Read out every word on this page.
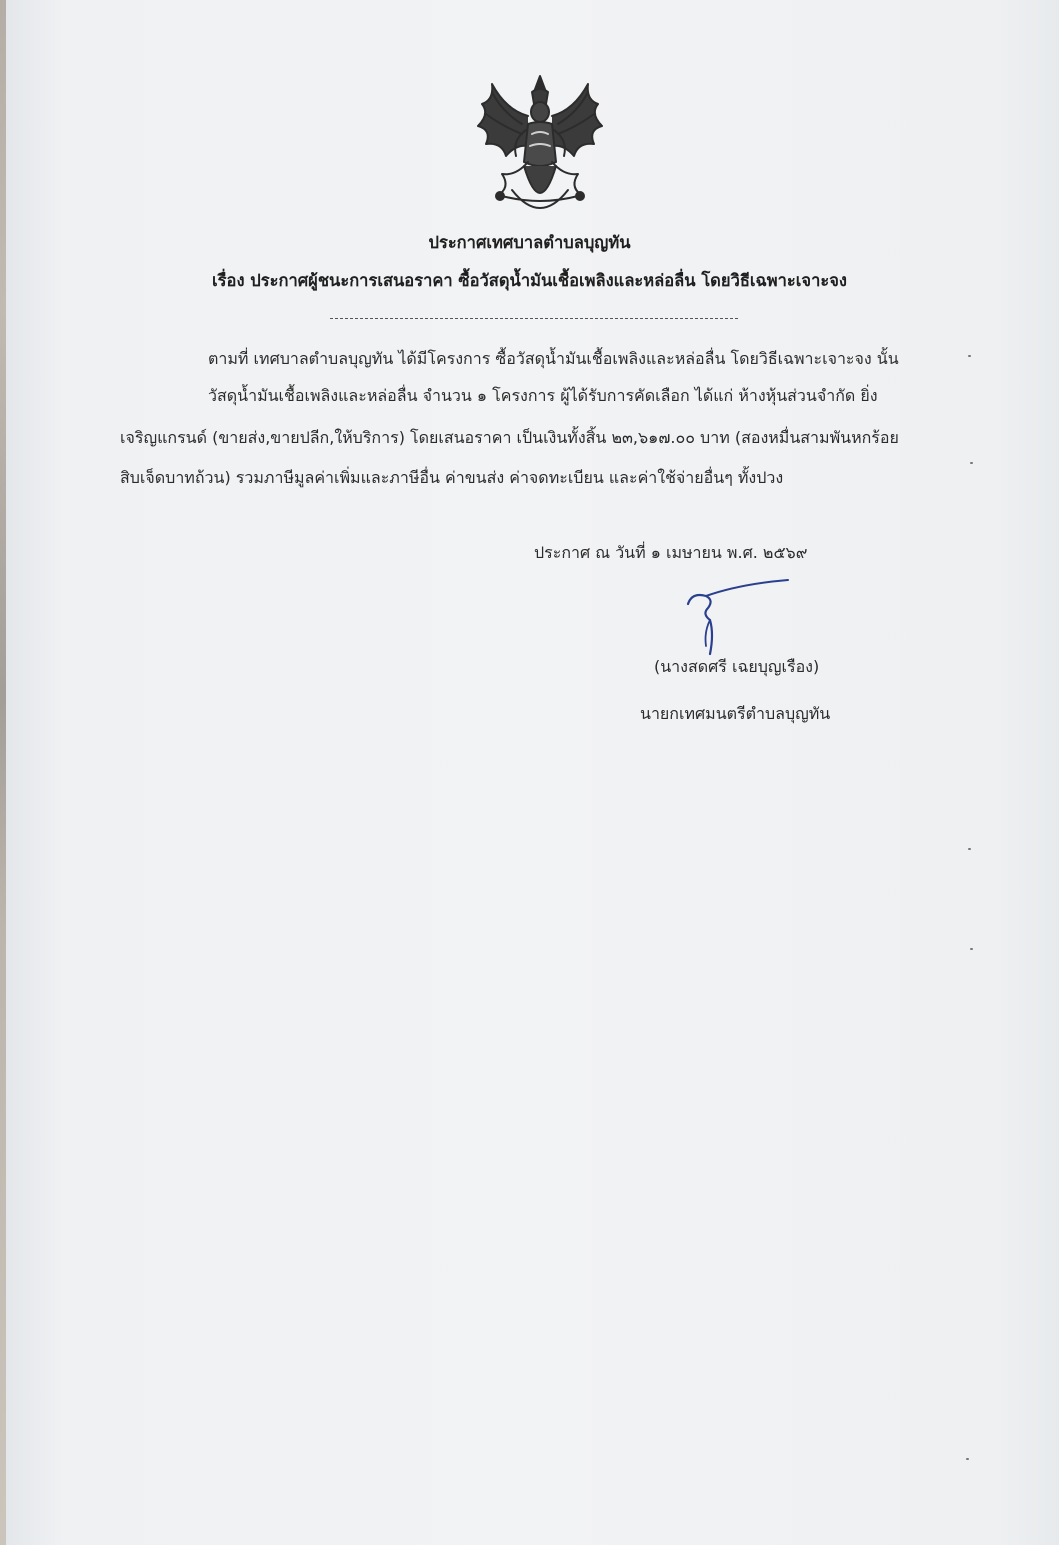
ประกาศเทศบาลตำบลบุญทัน
เรื่อง ประกาศผู้ชนะการเสนอราคา ซื้อวัสดุน้ำมันเชื้อเพลิงและหล่อลื่น โดยวิธีเฉพาะเจาะจง
ตามที่ เทศบาลตำบลบุญทัน ได้มีโครงการ ซื้อวัสดุน้ำมันเชื้อเพลิงและหล่อลื่น โดยวิธีเฉพาะเจาะจง นั้น
วัสดุน้ำมันเชื้อเพลิงและหล่อลื่น จำนวน ๑ โครงการ ผู้ได้รับการคัดเลือก ได้แก่ ห้างหุ้นส่วนจำกัด ยิ่ง
เจริญแกรนด์ (ขายส่ง,ขายปลีก,ให้บริการ) โดยเสนอราคา เป็นเงินทั้งสิ้น ๒๓,๖๑๗.๐๐ บาท (สองหมื่นสามพันหกร้อย
สิบเจ็ดบาทถ้วน) รวมภาษีมูลค่าเพิ่มและภาษีอื่น ค่าขนส่ง ค่าจดทะเบียน และค่าใช้จ่ายอื่นๆ ทั้งปวง
ประกาศ ณ วันที่ ๑ เมษายน พ.ศ. ๒๕๖๙
(นางสดศรี เฉยบุญเรือง)
นายกเทศมนตรีตำบลบุญทัน
